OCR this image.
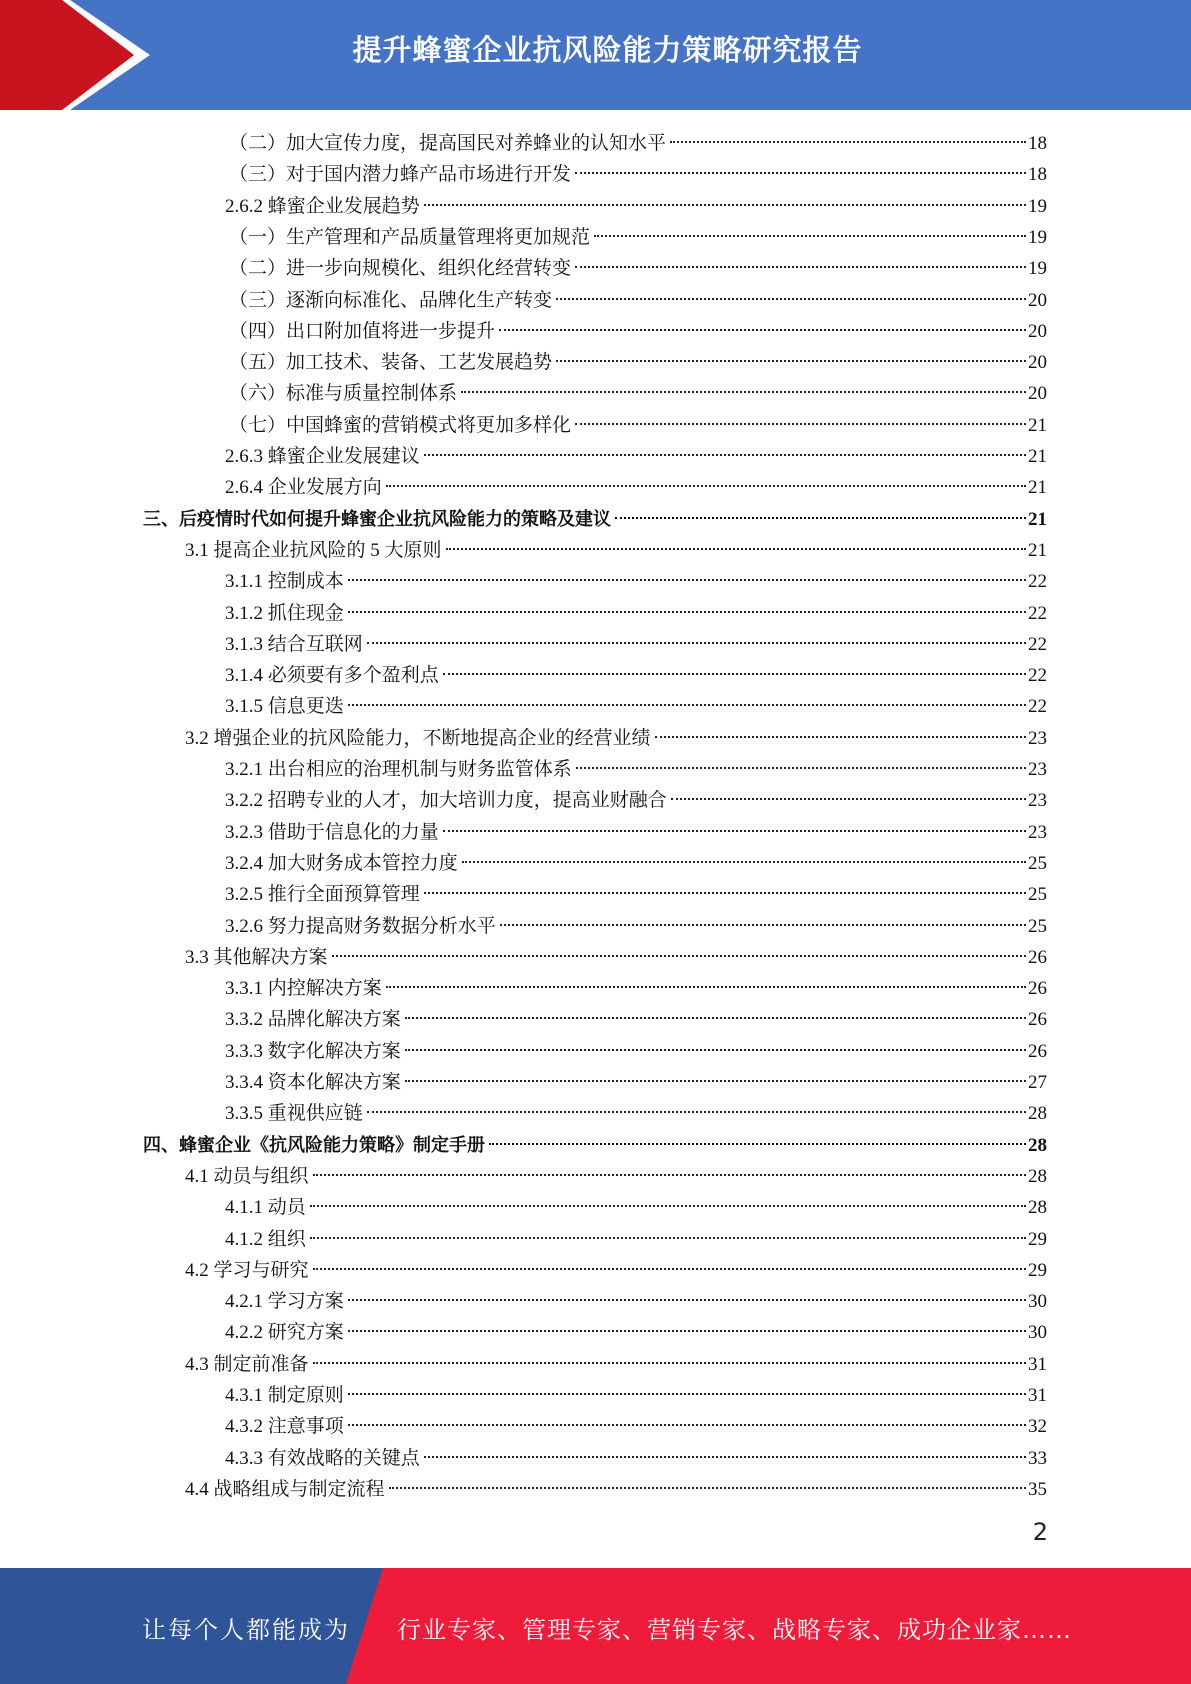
提升蜂蜜企业抗风险能力策略研究报告
（二）加大宣传力度，提高国民对养蜂业的认知水平	18
（三）对于国内潜力蜂产品市场进行开发	18
2.6.2 蜂蜜企业发展趋势	19
（一）生产管理和产品质量管理将更加规范	19
（二）进一步向规模化、组织化经营转变	19
（三）逐渐向标准化、品牌化生产转变	20
（四）出口附加值将进一步提升	20
（五）加工技术、装备、工艺发展趋势	20
（六）标准与质量控制体系	20
（七）中国蜂蜜的营销模式将更加多样化	21
2.6.3 蜂蜜企业发展建议	21
2.6.4 企业发展方向	21
三、后疫情时代如何提升蜂蜜企业抗风险能力的策略及建议	21
3.1 提高企业抗风险的 5 大原则	21
3.1.1 控制成本	22
3.1.2 抓住现金	22
3.1.3 结合互联网	22
3.1.4 必须要有多个盈利点	22
3.1.5 信息更迭	22
3.2 增强企业的抗风险能力，不断地提高企业的经营业绩	23
3.2.1 出台相应的治理机制与财务监管体系	23
3.2.2 招聘专业的人才，加大培训力度，提高业财融合	23
3.2.3 借助于信息化的力量	23
3.2.4 加大财务成本管控力度	25
3.2.5 推行全面预算管理	25
3.2.6 努力提高财务数据分析水平	25
3.3 其他解决方案	26
3.3.1 内控解决方案	26
3.3.2 品牌化解决方案	26
3.3.3 数字化解决方案	26
3.3.4 资本化解决方案	27
3.3.5 重视供应链	28
四、蜂蜜企业《抗风险能力策略》制定手册	28
4.1 动员与组织	28
4.1.1 动员	28
4.1.2 组织	29
4.2 学习与研究	29
4.2.1 学习方案	30
4.2.2 研究方案	30
4.3 制定前准备	31
4.3.1 制定原则	31
4.3.2 注意事项	32
4.3.3 有效战略的关键点	33
4.4 战略组成与制定流程	35
2
让每个人都能成为 行业专家、管理专家、营销专家、战略专家、成功企业家……
